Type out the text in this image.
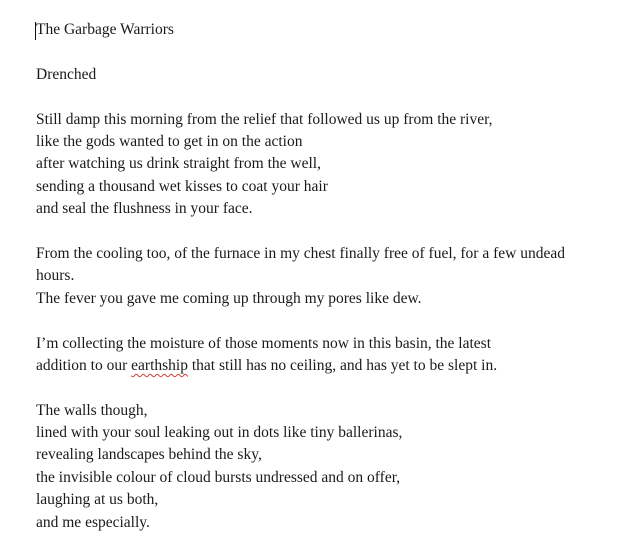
The Garbage Warriors
Drenched
Still damp this morning from the relief that followed us up from the river,
like the gods wanted to get in on the action
after watching us drink straight from the well,
sending a thousand wet kisses to coat your hair
and seal the flushness in your face.
From the cooling too, of the furnace in my chest finally free of fuel, for a few undead hours.
The fever you gave me coming up through my pores like dew.
I’m collecting the moisture of those moments now in this basin, the latest
addition to our earthship that still has no ceiling, and has yet to be slept in.
The walls though,
lined with your soul leaking out in dots like tiny ballerinas,
revealing landscapes behind the sky,
the invisible colour of cloud bursts undressed and on offer,
laughing at us both,
and me especially.
